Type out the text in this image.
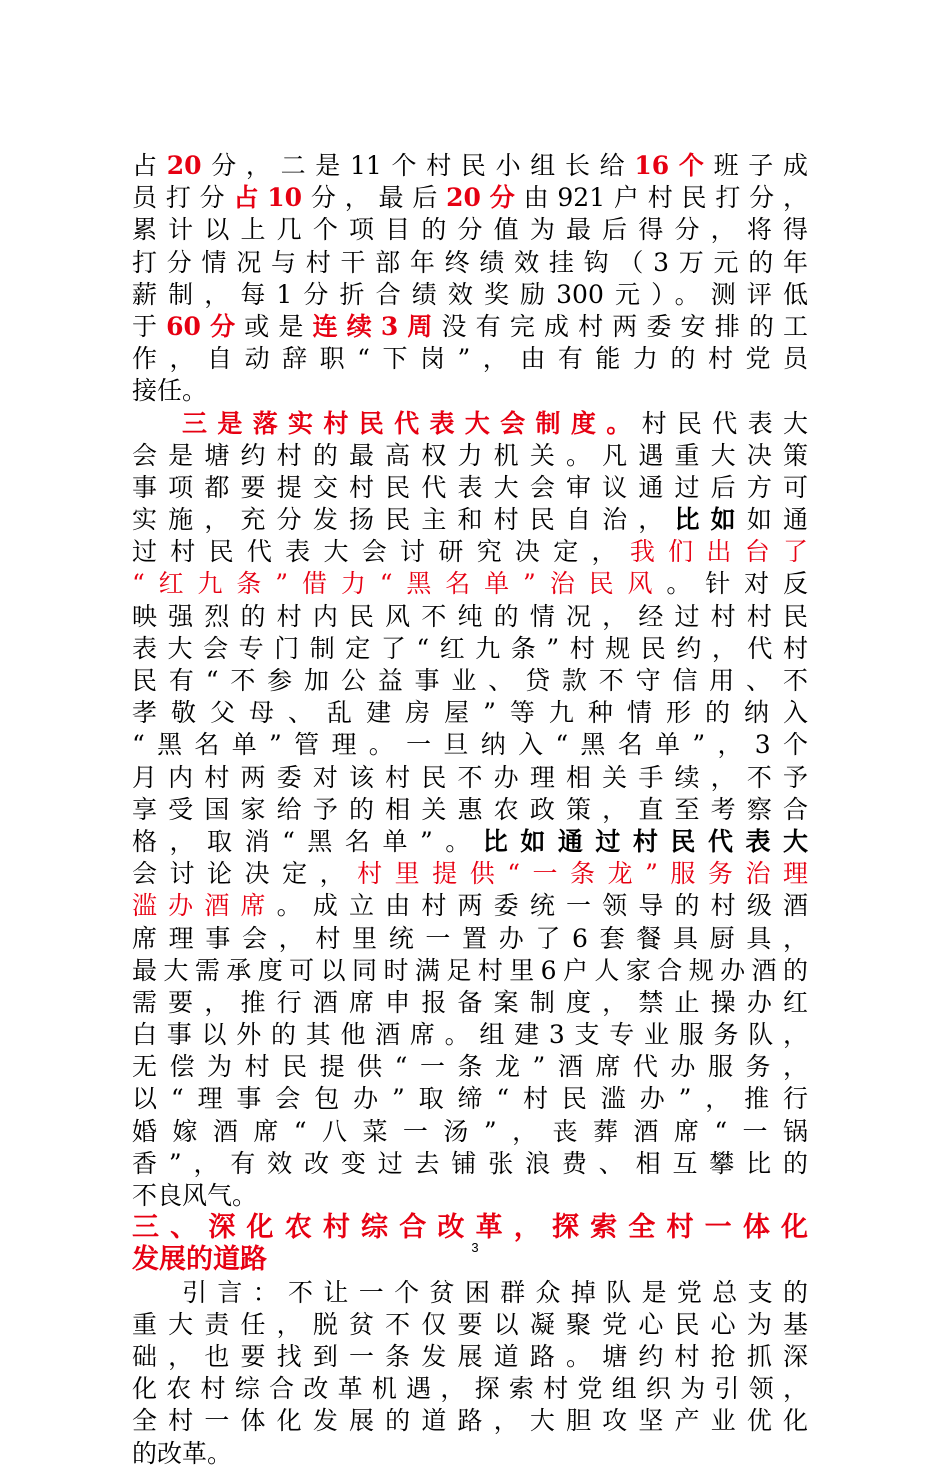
占20分，二是11个村民小组长给16个班子成
员打分占10分，最后20分由921户村民打分，
累计以上几个项目的分值为最后得分，将得
打分情况与村干部年终绩效挂钩（3万元的年
薪制，每1分折合绩效奖励300元）。测评低
于60分或是连续3周没有完成村两委安排的工
作，自动辞职“下岗”，由有能力的村党员
接任。
三是落实村民代表大会制度。村民代表大
会是塘约村的最高权力机关。凡遇重大决策
事项都要提交村民代表大会审议通过后方可
实施，充分发扬民主和村民自治，比如如通
过村民代表大会讨研究决定，我们出台了
“红九条”借力“黑名单”治民风。针对反
映强烈的村内民风不纯的情况，经过村村民
表大会专门制定了“红九条”村规民约，代村
民有“不参加公益事业、贷款不守信用、不
孝敬父母、乱建房屋”等九种情形的纳入
“黑名单”管理。一旦纳入“黑名单”，3个
月内村两委对该村民不办理相关手续，不予
享受国家给予的相关惠农政策，直至考察合
格，取消“黑名单”。比如通过村民代表大
会讨论决定，村里提供“一条龙”服务治理
滥办酒席。成立由村两委统一领导的村级酒
席理事会，村里统一置办了6套餐具厨具，
最大需承度可以同时满足村里6户人家合规办酒的
需要，推行酒席申报备案制度，禁止操办红
白事以外的其他酒席。组建3支专业服务队，
无偿为村民提供“一条龙”酒席代办服务，
以“理事会包办”取缔“村民滥办”，推行
婚嫁酒席“八菜一汤”，丧葬酒席“一锅
香”，有效改变过去铺张浪费、相互攀比的
不良风气。
三、深化农村综合改革，探索全村一体化
发展的道路
引言：不让一个贫困群众掉队是党总支的
重大责任，脱贫不仅要以凝聚党心民心为基
础，也要找到一条发展道路。塘约村抢抓深
化农村综合改革机遇，探索村党组织为引领，
全村一体化发展的道路，大胆攻坚产业优化
的改革。
3
